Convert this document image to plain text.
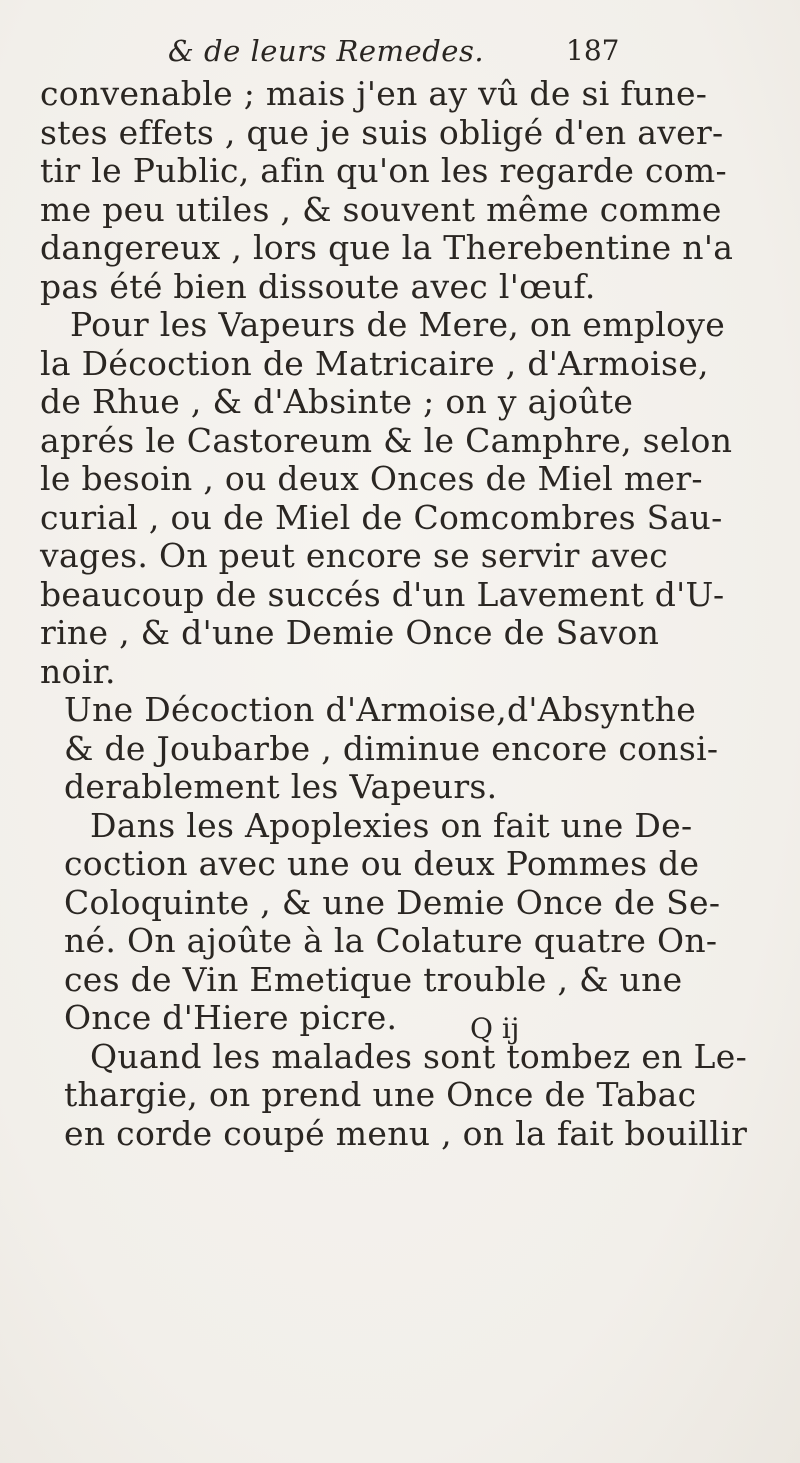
& de leurs Remedes.	187
convenable ; mais j'en ay vû de si fune-
stes effets , que je suis obligé d'en aver-
tir le Public, afin qu'on les regarde com-
me peu utiles , & souvent même comme
dangereux , lors que la Therebentine n'a
pas été bien dissoute avec l'œuf.
Pour les Vapeurs de Mere, on employe
la Décoction de Matricaire , d'Armoise,
de Rhue , & d'Absinte ; on y ajoûte
aprés le Castoreum & le Camphre, selon
le besoin , ou deux Onces de Miel mer-
curial , ou de Miel de Comcombres Sau-
vages. On peut encore se servir avec
beaucoup de succés d'un Lavement d'U-
rine , & d'une Demie Once de Savon
noir.
Une Décoction d'Armoise,d'Absynthe
& de Joubarbe , diminue encore consi-
derablement les Vapeurs.
Dans les Apoplexies on fait une De-
coction avec une ou deux Pommes de
Coloquinte , & une Demie Once de Se-
né. On ajoûte à la Colature quatre On-
ces de Vin Emetique trouble , & une
Once d'Hiere picre.
Quand les malades sont tombez en Le-
thargie, on prend une Once de Tabac
en corde coupé menu , on la fait bouillir
Q ij
